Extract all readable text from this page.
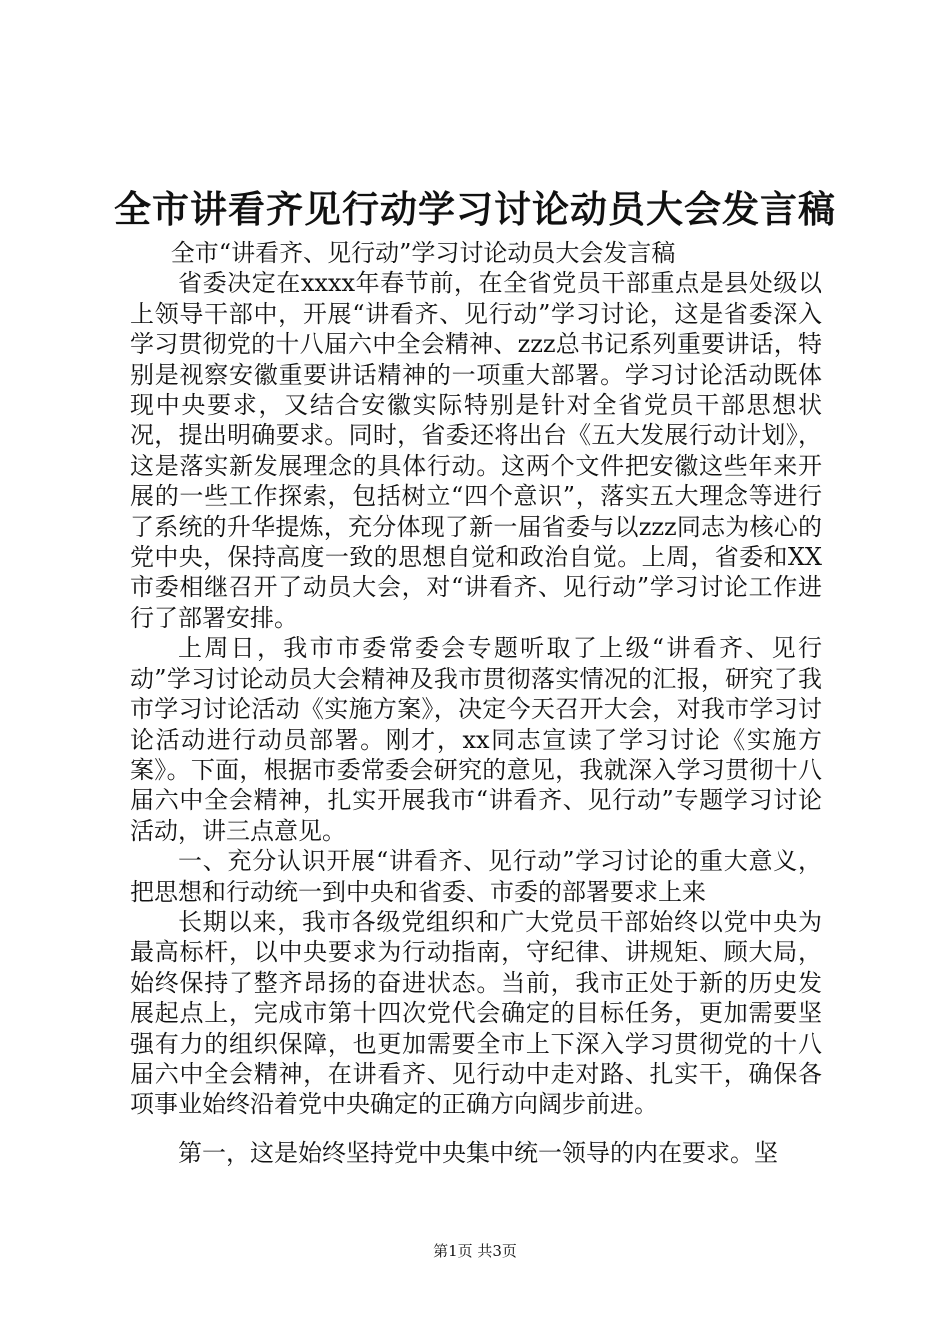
全市讲看齐见行动学习讨论动员大会发言稿

全市“讲看齐、见行动”学习讨论动员大会发言稿

省委决定在xxxx年春节前，在全省党员干部重点是县处级以上领导干部中，开展“讲看齐、见行动”学习讨论，这是省委深入学习贯彻党的十八届六中全会精神、zzz总书记系列重要讲话，特别是视察安徽重要讲话精神的一项重大部署。学习讨论活动既体现中央要求，又结合安徽实际特别是针对全省党员干部思想状况，提出明确要求。同时，省委还将出台《五大发展行动计划》，这是落实新发展理念的具体行动。这两个文件把安徽这些年来开展的一些工作探索，包括树立“四个意识”，落实五大理念等进行了系统的升华提炼，充分体现了新一届省委与以zzz同志为核心的党中央，保持高度一致的思想自觉和政治自觉。上周，省委和XX市委相继召开了动员大会，对“讲看齐、见行动”学习讨论工作进行了部署安排。

上周日，我市市委常委会专题听取了上级“讲看齐、见行动”学习讨论动员大会精神及我市贯彻落实情况的汇报，研究了我市学习讨论活动《实施方案》，决定今天召开大会，对我市学习讨论活动进行动员部署。刚才，xx同志宣读了学习讨论《实施方案》。下面，根据市委常委会研究的意见，我就深入学习贯彻十八届六中全会精神，扎实开展我市“讲看齐、见行动”专题学习讨论活动，讲三点意见。

一、充分认识开展“讲看齐、见行动”学习讨论的重大意义，把思想和行动统一到中央和省委、市委的部署要求上来

长期以来，我市各级党组织和广大党员干部始终以党中央为最高标杆，以中央要求为行动指南，守纪律、讲规矩、顾大局，始终保持了整齐昂扬的奋进状态。当前，我市正处于新的历史发展起点上，完成市第十四次党代会确定的目标任务，更加需要坚强有力的组织保障，也更加需要全市上下深入学习贯彻党的十八届六中全会精神，在讲看齐、见行动中走对路、扎实干，确保各项事业始终沿着党中央确定的正确方向阔步前进。

第一，这是始终坚持党中央集中统一领导的内在要求。坚

第1页 共3页
